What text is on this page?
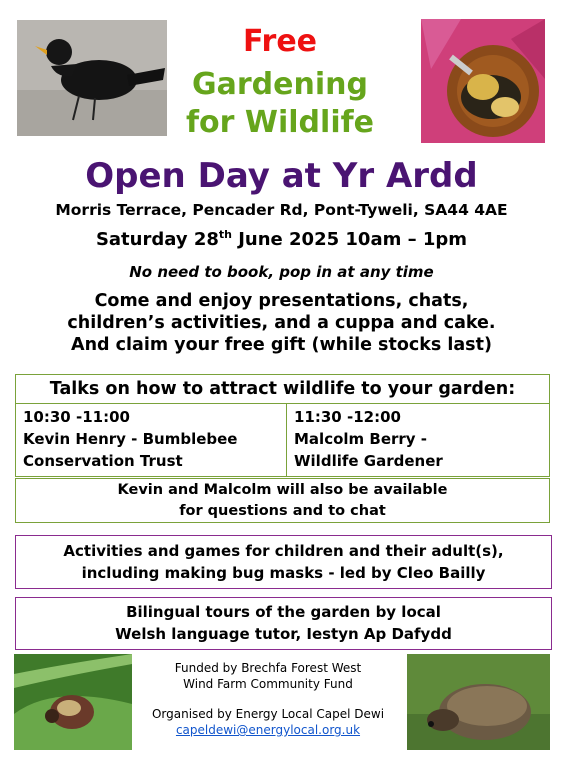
Free
Gardening
for Wildlife
Open Day at Yr Ardd
Morris Terrace, Pencader Rd, Pont-Tyweli, SA44 4AE
Saturday 28th June 2025 10am – 1pm
No need to book, pop in at any time
Come and enjoy presentations, chats,
children’s activities, and a cuppa and cake.
And claim your free gift (while stocks last)
Talks on how to attract wildlife to your garden:
10:30 -11:00
Kevin Henry - Bumblebee
Conservation Trust
11:30 -12:00
Malcolm Berry -
Wildlife Gardener
Kevin and Malcolm will also be available
for questions and to chat
Activities and games for children and their adult(s),
including making bug masks - led by Cleo Bailly
Bilingual tours of the garden by local
Welsh language tutor, Iestyn Ap Dafydd
Funded by Brechfa Forest West
Wind Farm Community Fund
Organised by Energy Local Capel Dewi
capeldewi@energylocal.org.uk
